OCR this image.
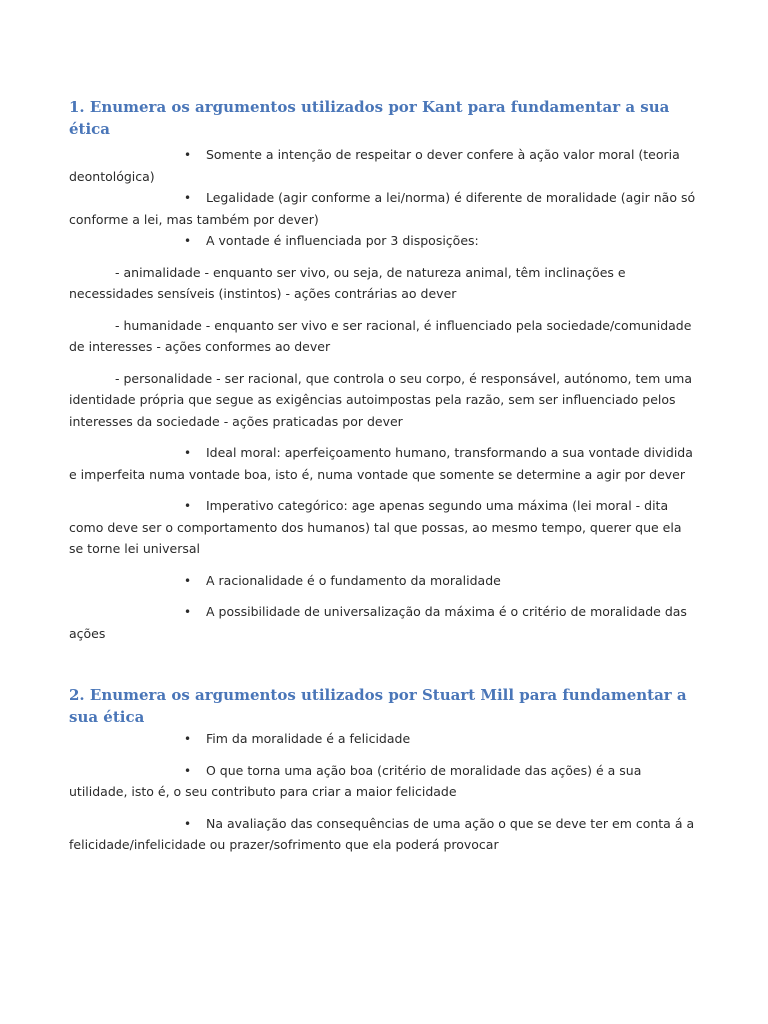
1. Enumera os argumentos utilizados por Kant para fundamentar a sua ética

Somente a intenção de respeitar o dever confere à ação valor moral (teoria deontológica)

Legalidade (agir conforme a lei/norma) é diferente de moralidade (agir não só conforme a lei, mas também por dever)

A vontade é influenciada por 3 disposições:

- animalidade - enquanto ser vivo, ou seja, de natureza animal, têm inclinações e necessidades sensíveis (instintos) - ações contrárias ao dever

- humanidade - enquanto ser vivo e ser racional, é influenciado pela sociedade/comunidade de interesses - ações conformes ao dever

- personalidade - ser racional, que controla o seu corpo, é responsável, autónomo, tem uma identidade própria que segue as exigências autoimpostas pela razão, sem ser influenciado pelos interesses da sociedade - ações praticadas por dever

Ideal moral: aperfeiçoamento humano, transformando a sua vontade dividida e imperfeita numa vontade boa, isto é, numa vontade que somente se determine a agir por dever

Imperativo categórico: age apenas segundo uma máxima (lei moral - dita como deve ser o comportamento dos humanos) tal que possas, ao mesmo tempo, querer que ela se torne lei universal

A racionalidade é o fundamento da moralidade

A possibilidade de universalização da máxima é o critério de moralidade das ações

2. Enumera os argumentos utilizados por Stuart Mill para fundamentar a sua ética

Fim da moralidade é a felicidade

O que torna uma ação boa (critério de moralidade das ações) é a sua utilidade, isto é, o seu contributo para criar a maior felicidade

Na avaliação das consequências de uma ação o que se deve ter em conta á a felicidade/infelicidade ou prazer/sofrimento que ela poderá provocar
